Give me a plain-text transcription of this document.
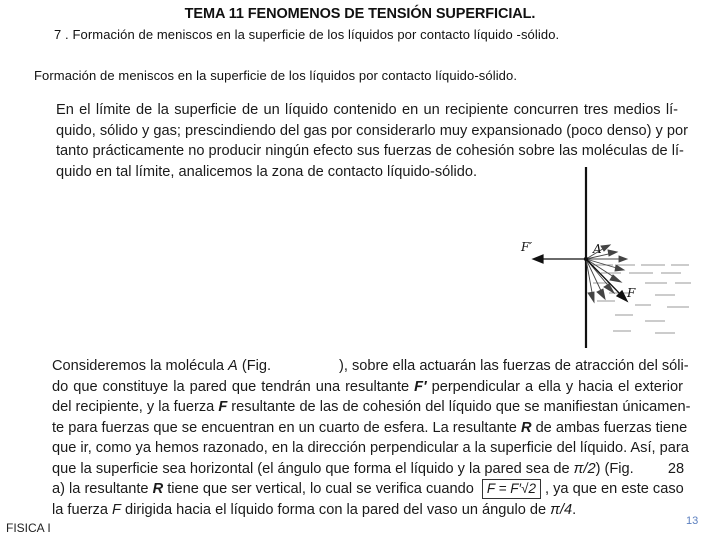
TEMA 11 FENOMENOS DE TENSIÓN SUPERFICIAL.
7 . Formación de meniscos en la superficie de los líquidos por contacto líquido -sólido.
Formación de meniscos en la superficie de los líquidos por contacto líquido-sólido.
En el límite de la superficie de un líquido contenido en un recipiente concurren tres medios lí-
quido, sólido y gas; prescindiendo del gas por considerarlo muy expansionado (poco denso) y por
tanto prácticamente no producir ningún efecto sus fuerzas de cohesión sobre las moléculas de lí-
quido en tal límite, analicemos la zona de contacto líquido-sólido.
F′	A
F
Consideremos la molécula A (Fig.	), sobre ella actuarán las fuerzas de atracción del sóli-
do que constituye la pared que tendrán una resultante F′ perpendicular a ella y hacia el exterior
del recipiente, y la fuerza F resultante de las de cohesión del líquido que se manifiestan únicamen-
te para fuerzas que se encuentran en un cuarto de esfera. La resultante R de ambas fuerzas tiene
que ir, como ya hemos razonado, en la dirección perpendicular a la superficie del líquido. Así, para
que la superficie sea horizontal (el ángulo que forma el líquido y la pared sea de π/2) (Fig. 28
a) la resultante R tiene que ser vertical, lo cual se verifica cuando F = F′√2 , ya que en este caso
la fuerza F dirigida hacia el líquido forma con la pared del vaso un ángulo de π/4.
FISICA I	13
